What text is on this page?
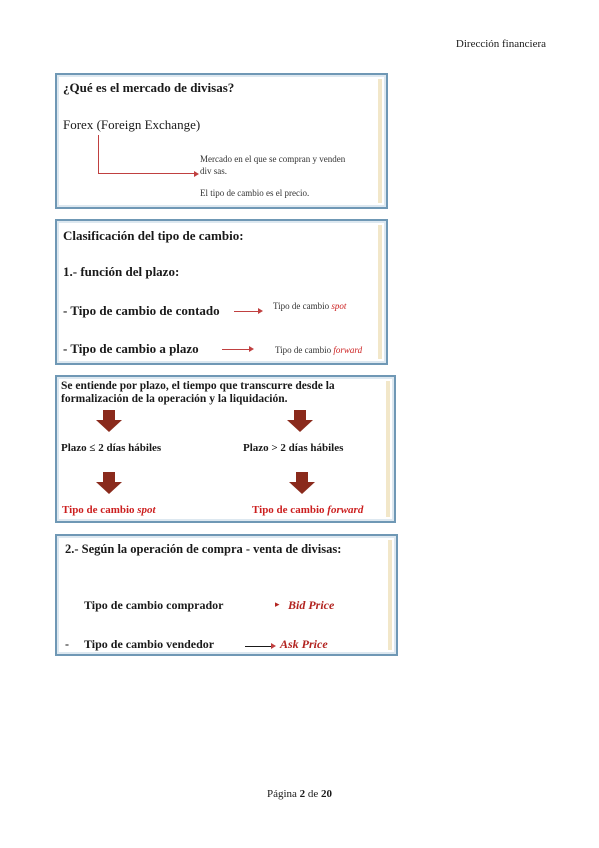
Dirección financiera
¿Qué es el mercado de divisas?
Forex (Foreign Exchange)
Mercado en el que se compran y venden
div sas.
El tipo de cambio es el precio.
Clasificación del tipo de cambio:
1.- función del plazo:
- Tipo de cambio de contado	Tipo de cambio spot
- Tipo de cambio a plazo	Tipo de cambio forward
Se entiende por plazo, el tiempo que transcurre desde la
formalización de la operación y la liquidación.
Plazo ≤ 2 días hábiles	Plazo > 2 días hábiles
Tipo de cambio spot	Tipo de cambio forward
2.- Según la operación de compra - venta de divisas:
Tipo de cambio comprador	▸ Bid Price
- Tipo de cambio vendedor	Ask Price
Página 2 de 20
